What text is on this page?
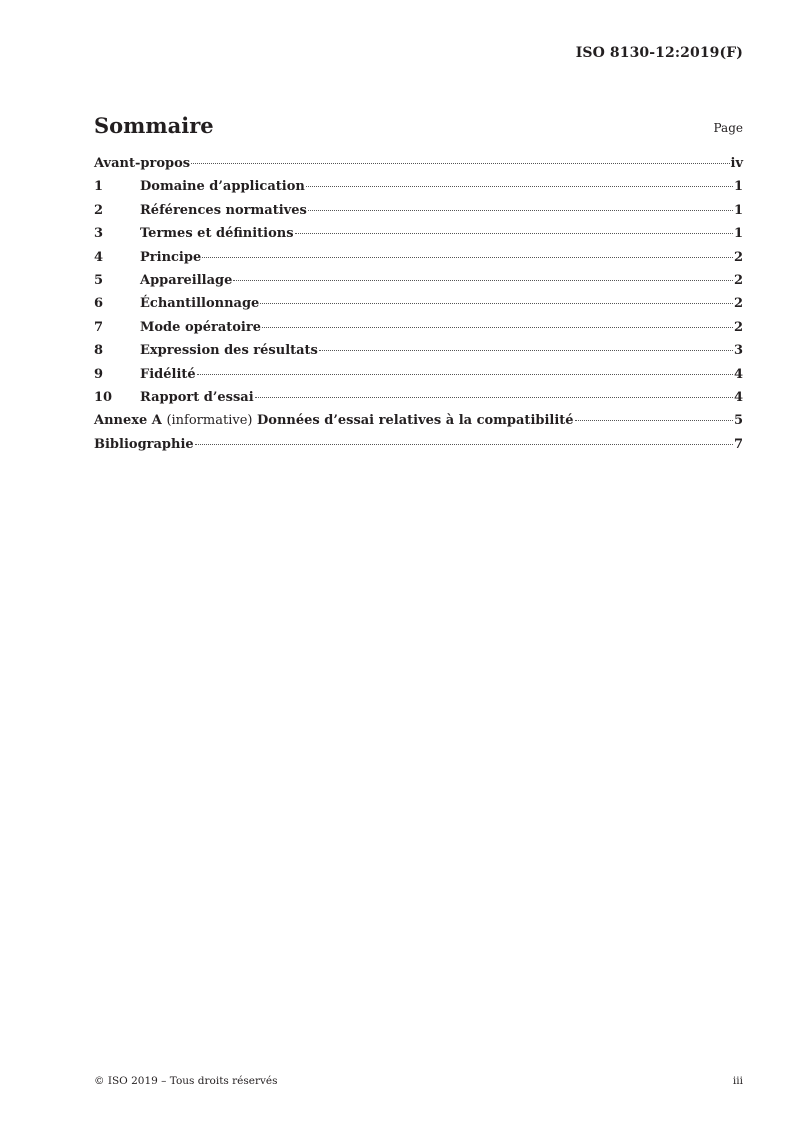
ISO 8130-12:2019(F)
Sommaire	Page
Avant-propos	iv
1	Domaine d’application	1
2	Références normatives	1
3	Termes et définitions	1
4	Principe	2
5	Appareillage	2
6	Échantillonnage	2
7	Mode opératoire	2
8	Expression des résultats	3
9	Fidélité	4
10	Rapport d’essai	4
Annexe A (informative) Données d’essai relatives à la compatibilité	5
Bibliographie	7
© ISO 2019 – Tous droits réservés	iii
